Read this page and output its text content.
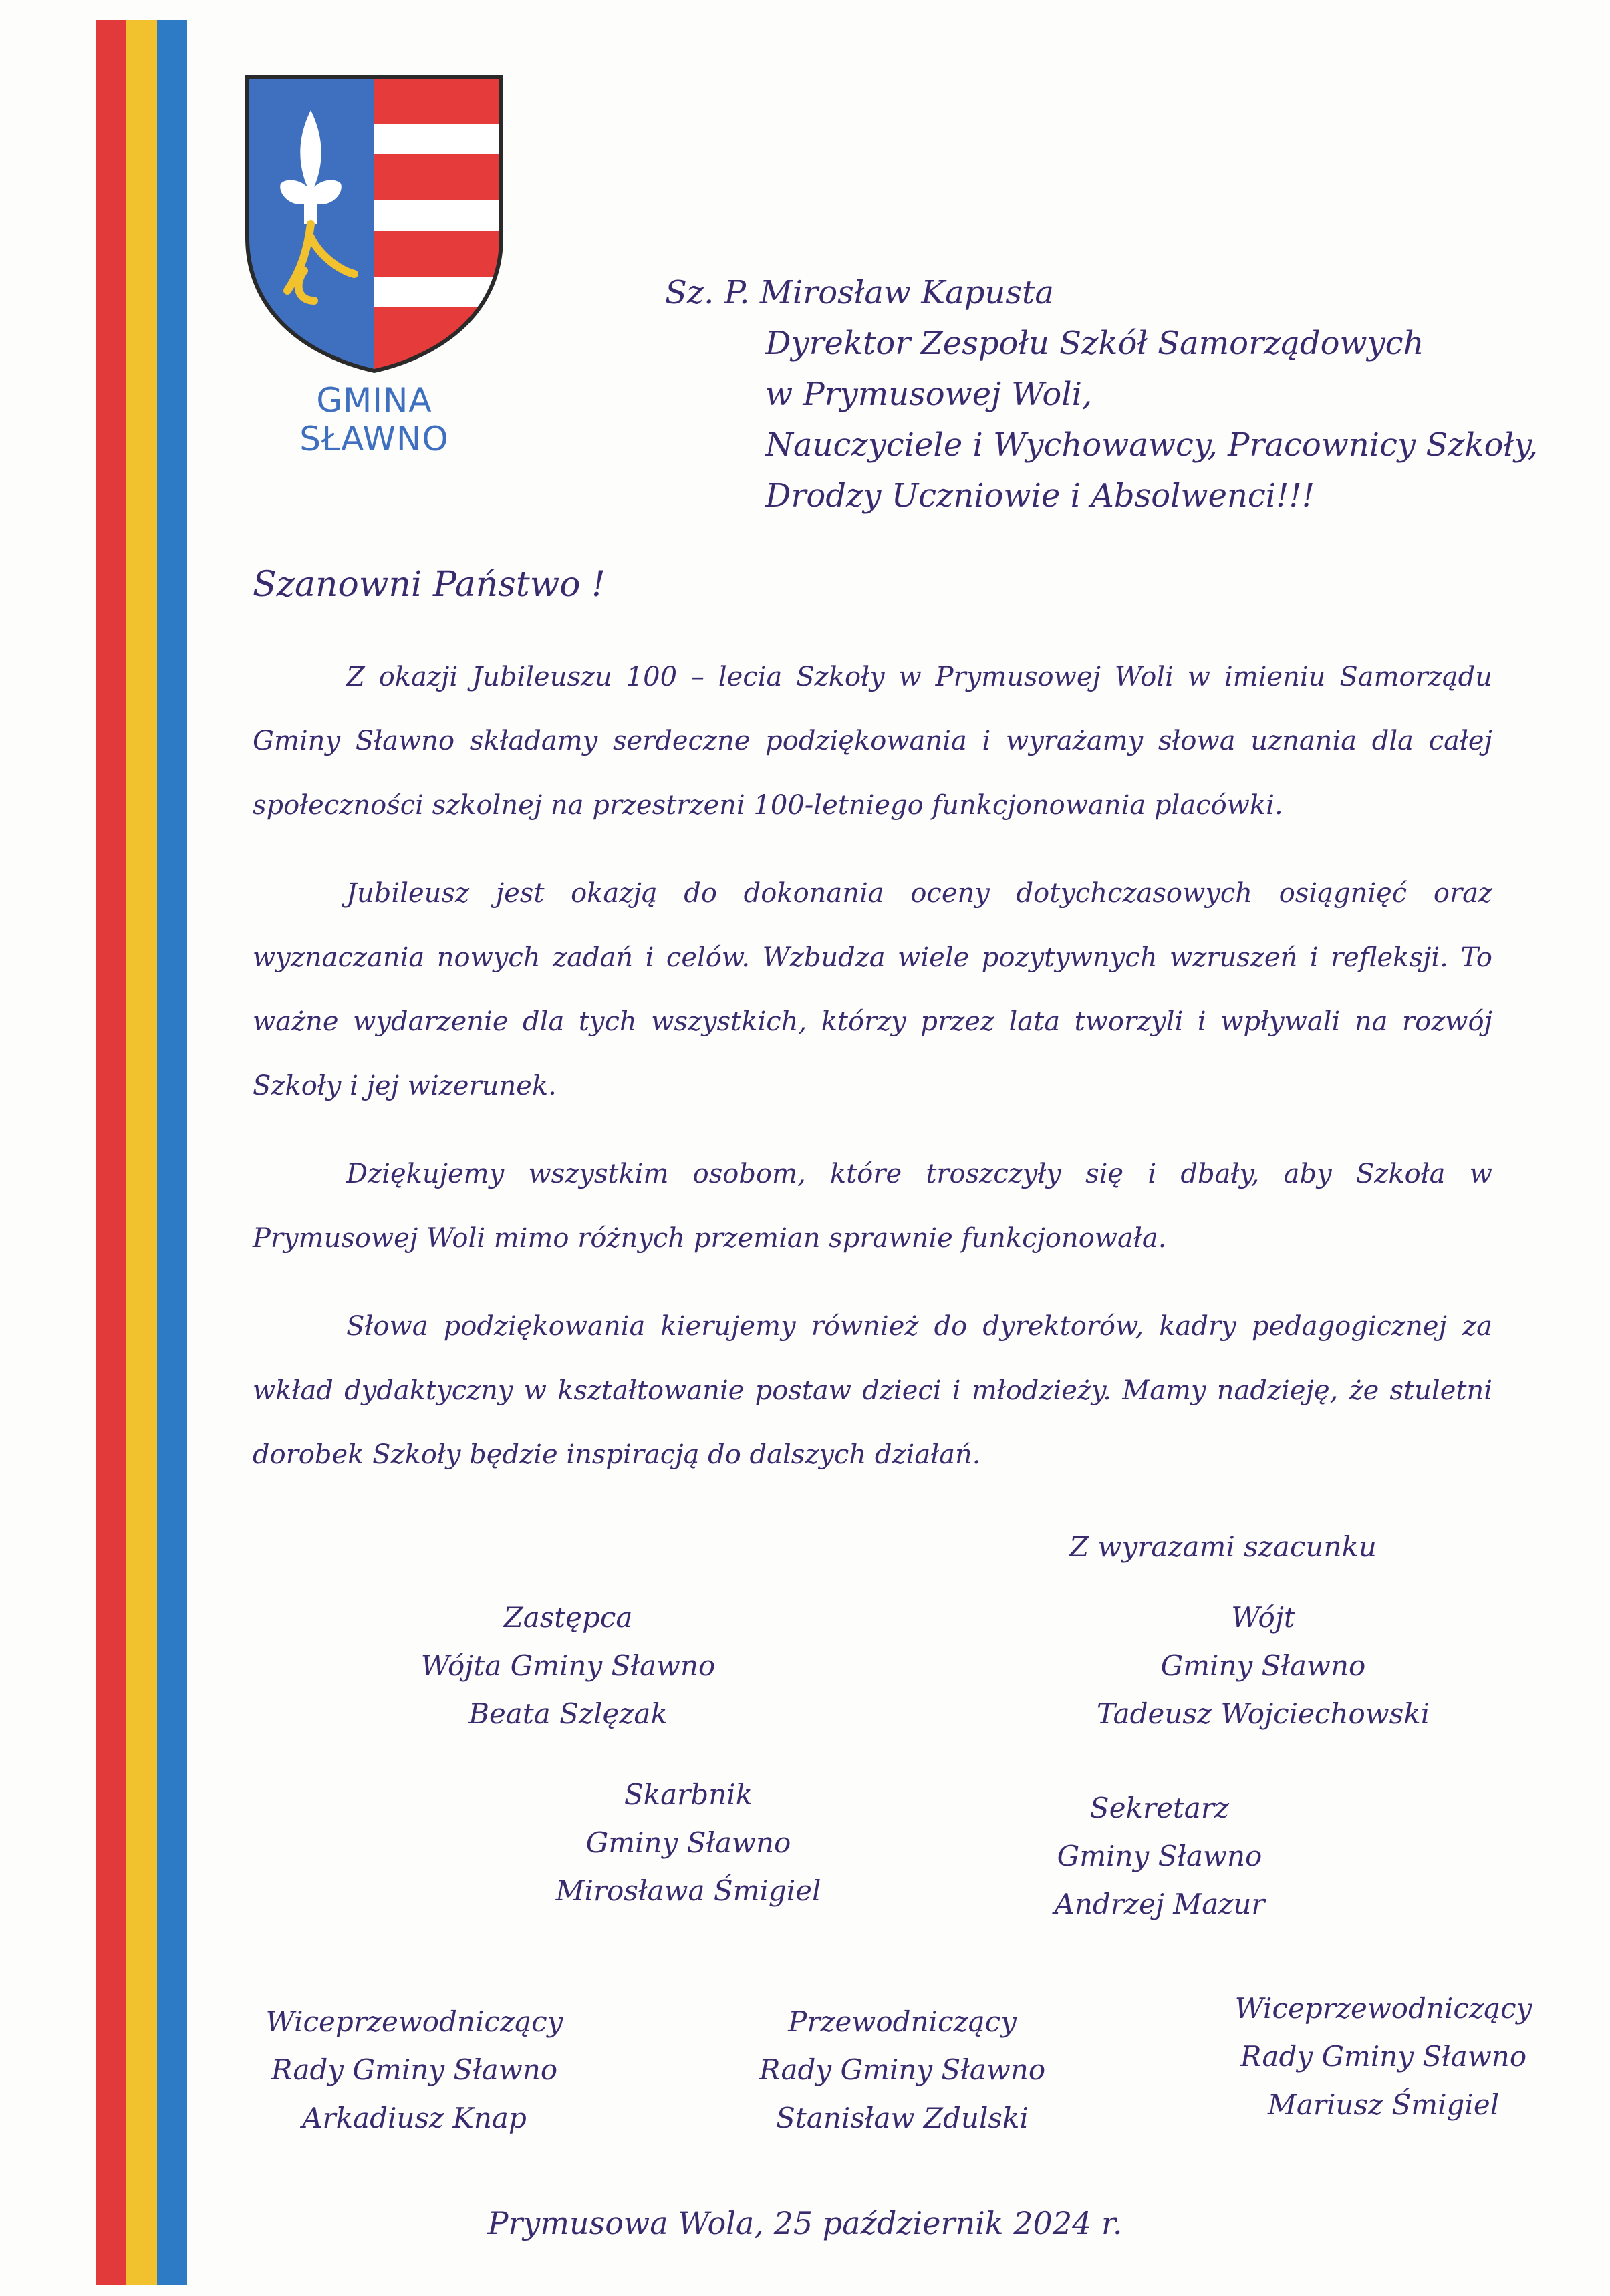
GMINA SŁAWNO
Sz. P. Mirosław Kapusta
Dyrektor Zespołu Szkół Samorządowych
w Prymusowej Woli,
Nauczyciele i Wychowawcy, Pracownicy Szkoły,
Drodzy Uczniowie i Absolwenci!!!
Szanowni Państwo !

Z okazji Jubileuszu 100 – lecia Szkoły w Prymusowej Woli w imieniu Samorządu Gminy Sławno składamy serdeczne podziękowania i wyrażamy słowa uznania dla całej społeczności szkolnej na przestrzeni 100-letniego funkcjonowania placówki.

Jubileusz jest okazją do dokonania oceny dotychczasowych osiągnięć oraz wyznaczania nowych zadań i celów. Wzbudza wiele pozytywnych wzruszeń i refleksji. To ważne wydarzenie dla tych wszystkich, którzy przez lata tworzyli i wpływali na rozwój Szkoły i jej wizerunek.

Dziękujemy wszystkim osobom, które troszczyły się i dbały, aby Szkoła w Prymusowej Woli mimo różnych przemian sprawnie funkcjonowała.

Słowa podziękowania kierujemy również do dyrektorów, kadry pedagogicznej za wkład dydaktyczny w kształtowanie postaw dzieci i młodzieży. Mamy nadzieję, że stuletni dorobek Szkoły będzie inspiracją do dalszych działań.

Z wyrazami szacunku
Zastępca
Wójta Gminy Sławno
Beata Szlęzak
Wójt
Gminy Sławno
Tadeusz Wojciechowski
Skarbnik
Gminy Sławno
Mirosława Śmigiel
Sekretarz
Gminy Sławno
Andrzej Mazur
Wiceprzewodniczący
Rady Gminy Sławno
Arkadiusz Knap
Przewodniczący
Rady Gminy Sławno
Stanisław Zdulski
Wiceprzewodniczący
Rady Gminy Sławno
Mariusz Śmigiel
Prymusowa Wola, 25 październik 2024 r.
